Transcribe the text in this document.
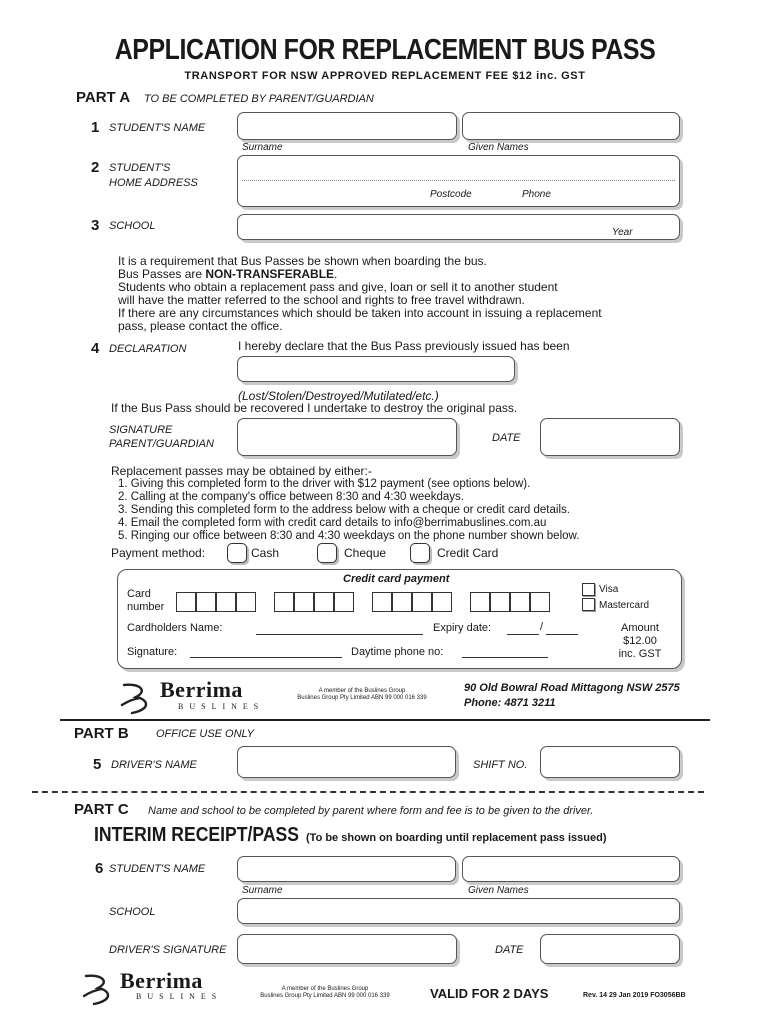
APPLICATION FOR REPLACEMENT BUS PASS
TRANSPORT FOR NSW APPROVED REPLACEMENT FEE $12 inc. GST
PART A TO BE COMPLETED BY PARENT/GUARDIAN
1 STUDENT'S NAME
Surname	Given Names
2 STUDENT'S
HOME ADDRESS
Postcode	Phone
3 SCHOOL
Year
It is a requirement that Bus Passes be shown when boarding the bus.
Bus Passes are NON-TRANSFERABLE.
Students who obtain a replacement pass and give, loan or sell it to another student
will have the matter referred to the school and rights to free travel withdrawn.
If there are any circumstances which should be taken into account in issuing a replacement
pass, please contact the office.
4 DECLARATION	I hereby declare that the Bus Pass previously issued has been
(Lost/Stolen/Destroyed/Mutilated/etc.)
If the Bus Pass should be recovered I undertake to destroy the original pass.
SIGNATURE
PARENT/GUARDIAN	DATE
Replacement passes may be obtained by either:-
1. Giving this completed form to the driver with $12 payment (see options below).
2. Calling at the company's office between 8:30 and 4:30 weekdays.
3. Sending this completed form to the address below with a cheque or credit card details.
4. Email the completed form with credit card details to info@berrimabuslines.com.au
5. Ringing our office between 8:30 and 4:30 weekdays on the phone number shown below.
Payment method:	Cash	Cheque	Credit Card
Credit card payment
Card
number
Visa
Mastercard
Cardholders Name:	Expiry date:	/	Amount
$12.00
inc. GST
Signature:	Daytime phone no:
Berrima
BUSLINES
A member of the Buslines Group
Buslines Group Pty Limited ABN 99 000 016 339
90 Old Bowral Road Mittagong NSW 2575
Phone: 4871 3211
PART B OFFICE USE ONLY
5 DRIVER'S NAME	SHIFT NO.
PART C Name and school to be completed by parent where form and fee is to be given to the driver.
INTERIM RECEIPT/PASS (To be shown on boarding until replacement pass issued)
6 STUDENT'S NAME
Surname	Given Names
SCHOOL
DRIVER'S SIGNATURE	DATE
Berrima
BUSLINES
A member of the Buslines Group
Buslines Group Pty Limited ABN 99 000 016 339	VALID FOR 2 DAYS	Rev. 14 29 Jan 2019 FO3056BB
